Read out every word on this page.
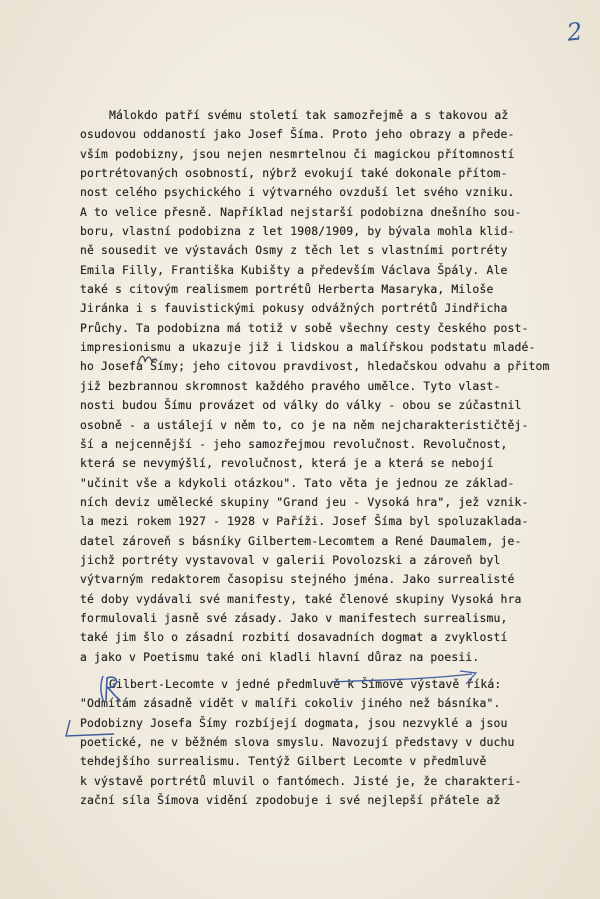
2
Málokdo patří svému století tak samozřejmě a s takovou až
osudovou oddaností jako Josef Šíma. Proto jeho obrazy a přede-
vším podobizny, jsou nejen nesmrtelnou či magickou přítomností
portrétovaných osobností, nýbrž evokují také dokonale přítom-
nost celého psychického i výtvarného ovzduší let svého vzniku.
A to velice přesně. Například nejstarší podobizna dnešního sou-
boru, vlastní podobizna z let 1908/1909, by bývala mohla klid-
ně sousedit ve výstavách Osmy z těch let s vlastními portréty
Emila Filly, Františka Kubišty a především Václava Špály. Ale
také s citovým realismem portrétů Herberta Masaryka, Miloše
Jiránka i s fauvistickými pokusy odvážných portrétů Jindřicha
Průchy. Ta podobizna má totiž v sobě všechny cesty českého post-
impresionismu a ukazuje již i lidskou a malířskou podstatu mladé-
ho Josefa Šímy; jeho citovou pravdivost, hledačskou odvahu a přitom
již bezbrannou skromnost každého pravého umělce. Tyto vlast-
nosti budou Šímu provázet od války do války - obou se zúčastnil
osobně - a ustálejí v něm to, co je na něm nejcharakterističtěj-
ší a nejcennější - jeho samozřejmou revolučnost. Revolučnost,
která se nevymýšlí, revolučnost, která je a která se nebojí
"učinit vše a kdykoli otázkou". Tato věta je jednou ze základ-
ních deviz umělecké skupiny "Grand jeu - Vysoká hra", jež vznik-
la mezi rokem 1927 - 1928 v Paříži. Josef Šíma byl spoluzaklada-
datel zároveň s básníky Gilbertem-Lecomtem a René Daumalem, je-
jichž portréty vystavoval v galerii Povolozski a zároveň byl
výtvarným redaktorem časopisu stejného jména. Jako surrealisté
té doby vydávali své manifesty, také členové skupiny Vysoká hra
formulovali jasně své zásady. Jako v manifestech surrealismu,
také jim šlo o zásadní rozbití dosavadních dogmat a zvyklostí
a jako v Poetismu také oni kladli hlavní důraz na poesii.
Gilbert-Lecomte v jedné předmluvě k Šímově výstavě říká:
"Odmítám zásadně vidět v malíři cokoliv jiného než básníka".
Podobizny Josefa Šímy rozbíjejí dogmata, jsou nezvyklé a jsou
poetické, ne v běžném slova smyslu. Navozují představy v duchu
tehdejšího surrealismu. Tentýž Gilbert Lecomte v předmluvě
k výstavě portrétů mluvil o fantómech. Jisté je, že charakteri-
zační síla Šímova vidění zpodobuje i své nejlepší přátele až
